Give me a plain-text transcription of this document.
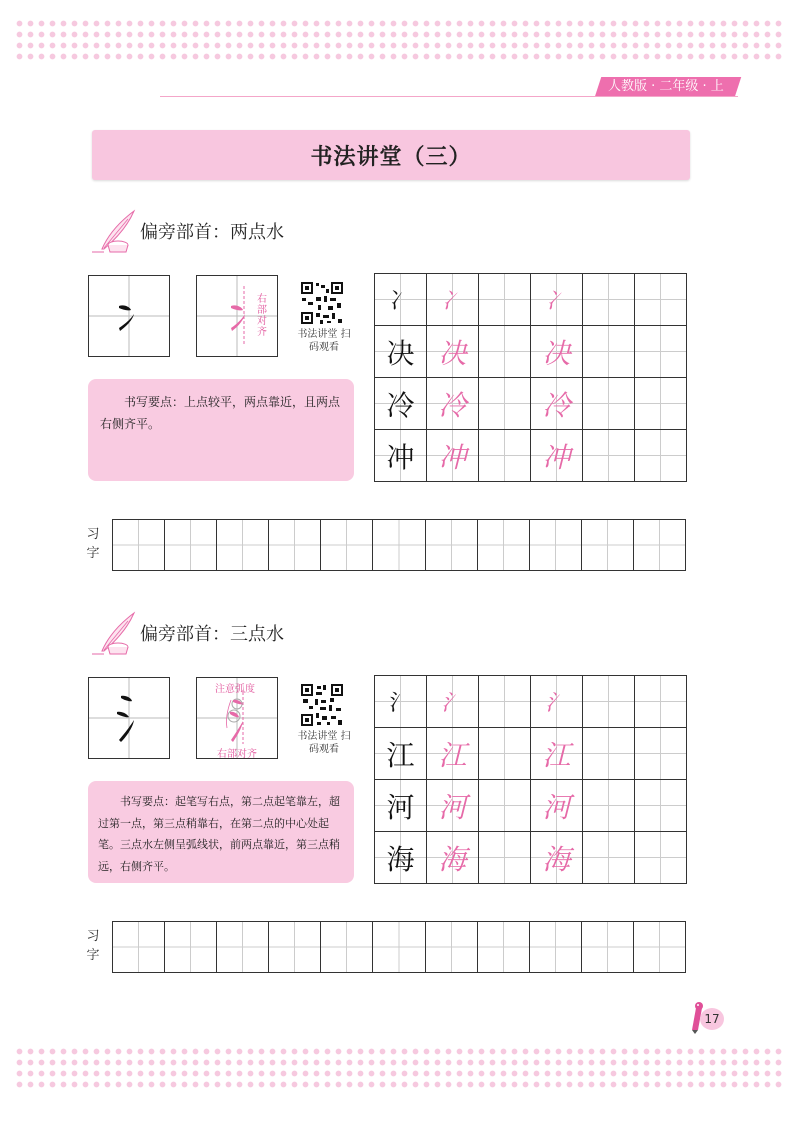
人教版 · 二年级 · 上
书法讲堂（三）
偏旁部首：两点水
右部对齐	书法讲堂 扫码观看
书写要点：上点较平，两点靠近，且两点右侧齐平。
冫	冫	冫
决 决	决
冷 冷	冷
冲 冲	冲
习字
偏旁部首：三点水
注意弧度
右部对齐
书法讲堂 扫码观看
书写要点：起笔写右点，第二点起笔靠左，超过第一点，第三点稍靠右，在第二点的中心处起笔。三点水左侧呈弧线状，前两点靠近，第三点稍远，右侧齐平。
氵	氵	氵
江 江	江
河 河	河
海 海	海
习字
17
